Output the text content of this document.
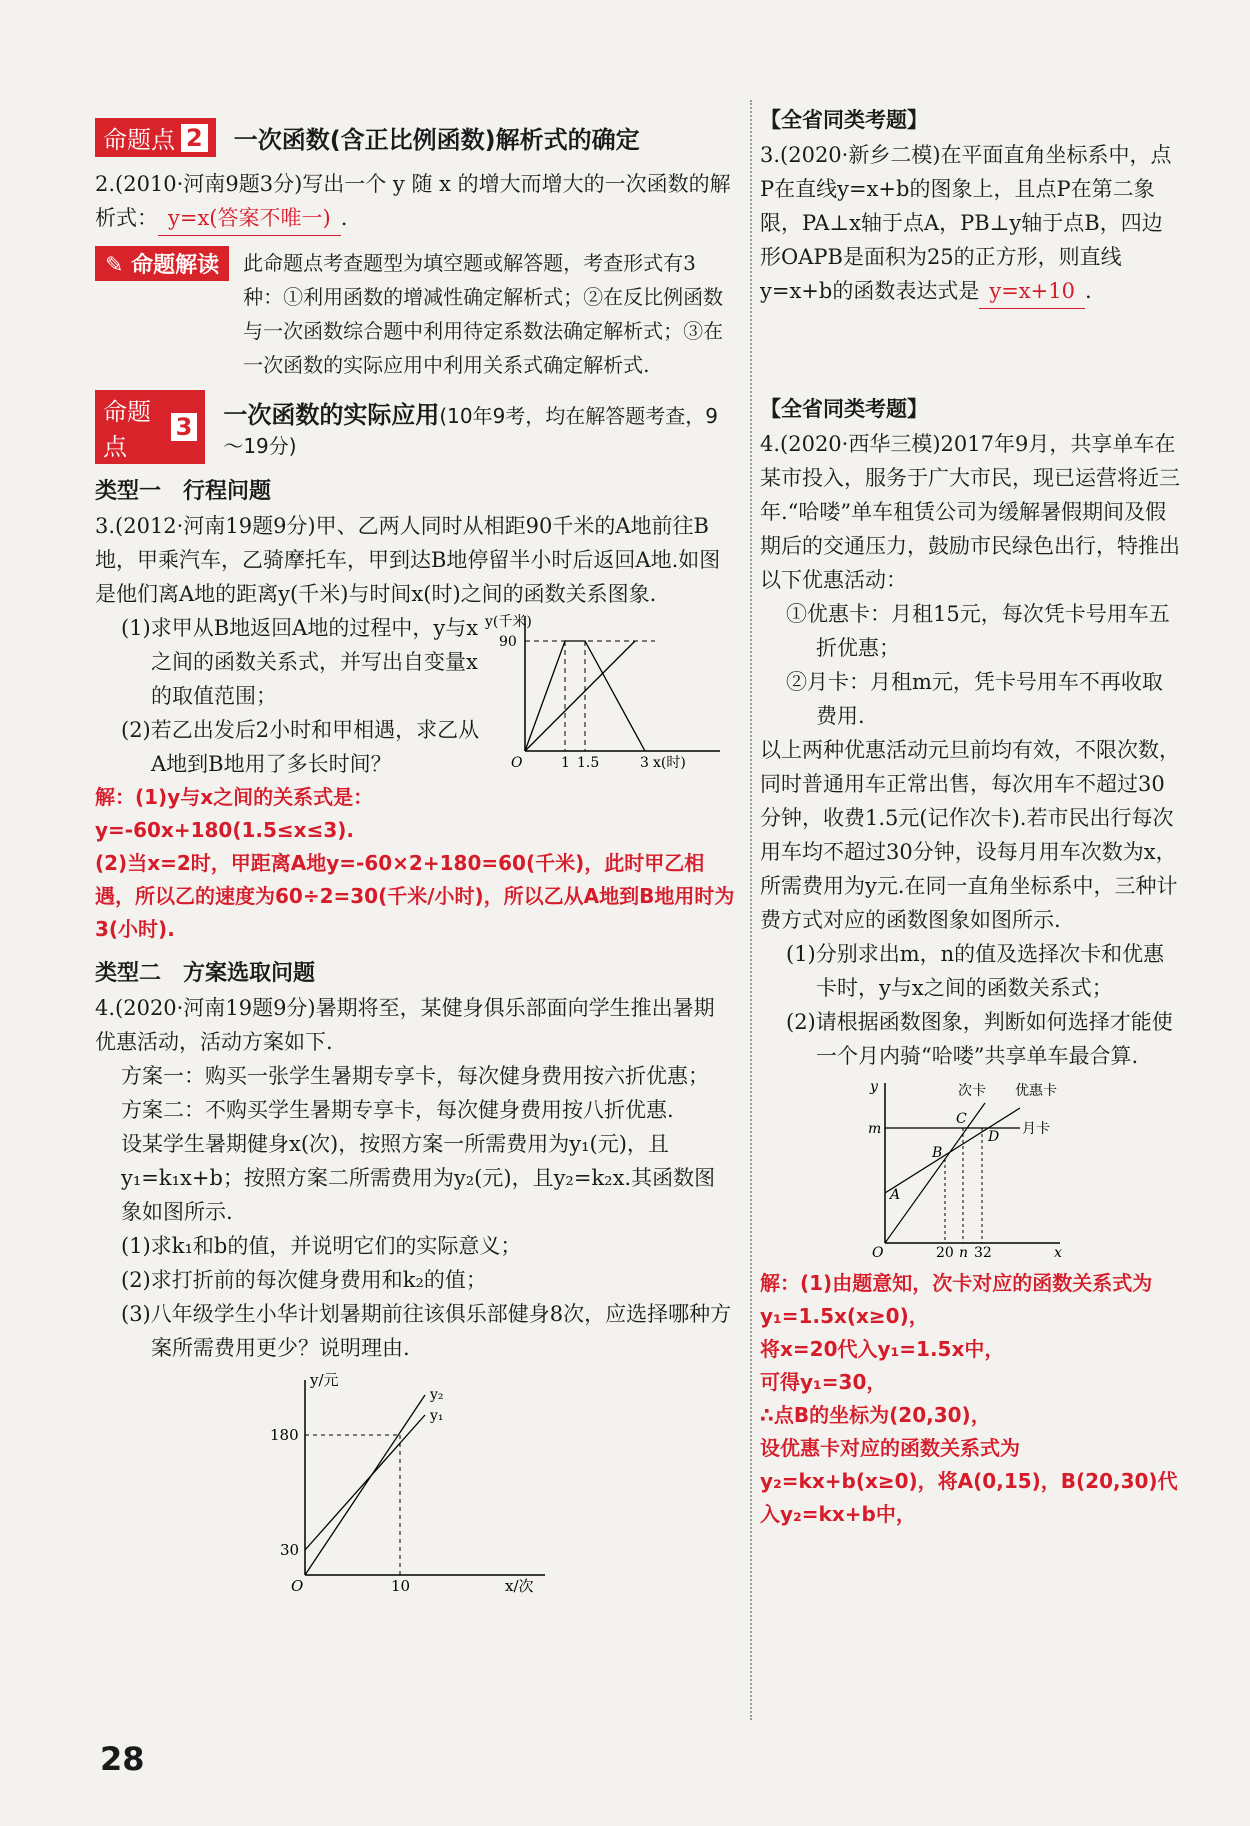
命题点 2 一次函数(含正比例函数)解析式的确定

2.(2010·河南9题3分)写出一个 y 随 x 的增大而增大的一次函数的解析式： y=x(答案不唯一) .

✎ 命题解读	此命题点考查题型为填空题或解答题，考查形式有3种：①利用函数的增减性确定解析式；②在反比例函数与一次函数综合题中利用待定系数法确定解析式；③在一次函数的实际应用中利用关系式确定解析式.
命题点
3 一次函数的实际应用(10年9考，均在解答题考查，9～19分)
类型一　行程问题

3.(2012·河南19题9分)甲、乙两人同时从相距90千米的A地前往B地，甲乘汽车，乙骑摩托车，甲到达B地停留半小时后返回A地.如图是他们离A地的距离y(千米)与时间x(时)之间的函数关系图象.

(1)求甲从B地返回A地的过程中，y与x之间的函数关系式，并写出自变量x的取值范围；

(2)若乙出发后2小时和甲相遇，求乙从A地到B地用了多长时间？

y(千米)
90
O	1 1.5	3 x(时)

解：(1)y与x之间的关系式是：

y=-60x+180(1.5≤x≤3).

(2)当x=2时，甲距离A地y=-60×2+180=60(千米)，此时甲乙相遇，所以乙的速度为60÷2=30(千米/小时)，所以乙从A地到B地用时为3(小时).

类型二　方案选取问题

4.(2020·河南19题9分)暑期将至，某健身俱乐部面向学生推出暑期优惠活动，活动方案如下.

方案一：购买一张学生暑期专享卡，每次健身费用按六折优惠；

方案二：不购买学生暑期专享卡，每次健身费用按八折优惠.

设某学生暑期健身x(次)，按照方案一所需费用为y₁(元)，且y₁=k₁x+b；按照方案二所需费用为y₂(元)，且y₂=k₂x.其函数图象如图所示.

(1)求k₁和b的值，并说明它们的实际意义；

(2)求打折前的每次健身费用和k₂的值；

(3)八年级学生小华计划暑期前往该俱乐部健身8次，应选择哪种方案所需费用更少？说明理由.

y/元
y₂
y₁
180
30
O	10	x/次
【全省同类考题】

3.(2020·新乡二模)在平面直角坐标系中，点P在直线y=x+b的图象上，且点P在第二象限，PA⊥x轴于点A，PB⊥y轴于点B，四边形OAPB是面积为25的正方形，则直线y=x+b的函数表达式是 y=x+10 .

【全省同类考题】

4.(2020·西华三模)2017年9月，共享单车在某市投入，服务于广大市民，现已运营将近三年.“哈喽”单车租赁公司为缓解暑假期间及假期后的交通压力，鼓励市民绿色出行，特推出以下优惠活动：

①优惠卡：月租15元，每次凭卡号用车五折优惠；

②月卡：月租m元，凭卡号用车不再收取费用.

以上两种优惠活动元旦前均有效，不限次数，同时普通用车正常出售，每次用车不超过30分钟，收费1.5元(记作次卡).若市民出行每次用车均不超过30分钟，设每月用车次数为x，所需费用为y元.在同一直角坐标系中，三种计费方式对应的函数图象如图所示.

(1)分别求出m，n的值及选择次卡和优惠卡时，y与x之间的函数关系式；

(2)请根据函数图象，判断如何选择才能使一个月内骑“哈喽”共享单车最合算.

y	次卡 优惠卡
月卡
m
A
B
C
D
O	20 n 32	x

解：(1)由题意知，次卡对应的函数关系式为y₁=1.5x(x≥0)，

将x=20代入y₁=1.5x中，

可得y₁=30，

∴点B的坐标为(20,30)，

设优惠卡对应的函数关系式为y₂=kx+b(x≥0)，将A(0,15)，B(20,30)代入y₂=kx+b中，

28
